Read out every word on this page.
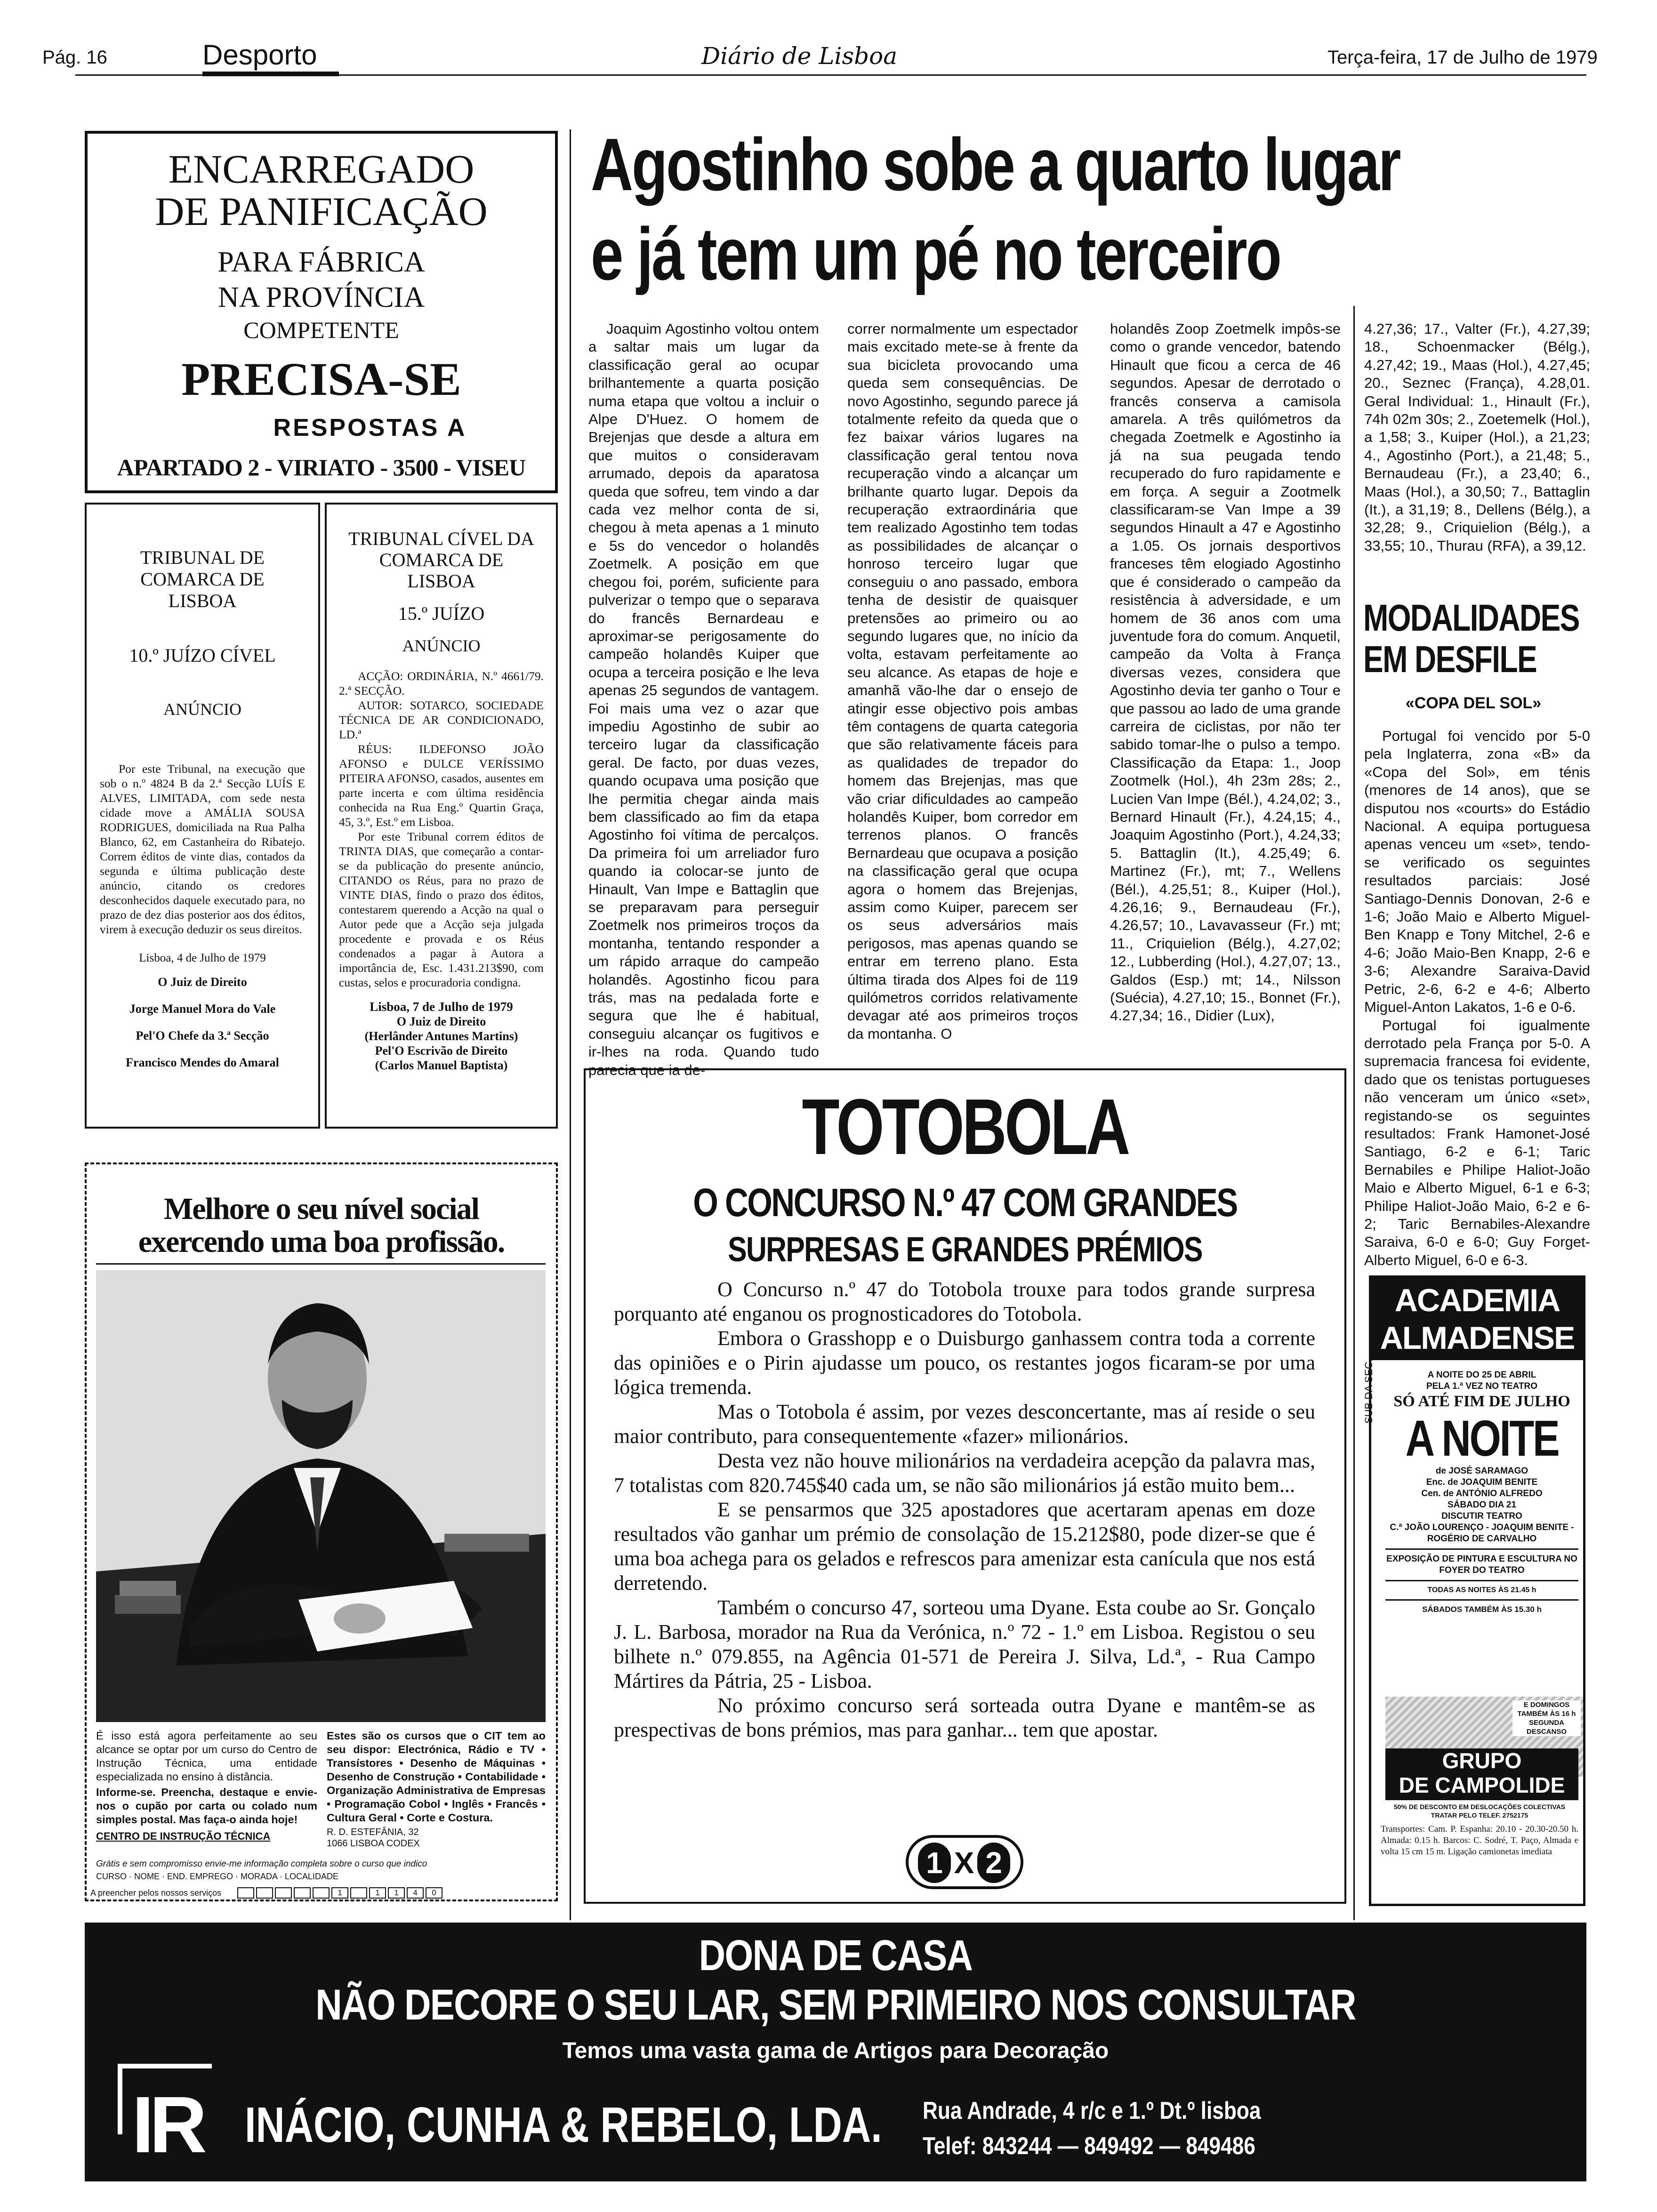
Pág. 16	Desporto	Diário de Lisboa	Terça-feira, 17 de Julho de 1979
ENCARREGADO
DE PANIFICAÇÃO
PARA FÁBRICA
NA PROVÍNCIA
COMPETENTE
PRECISA-SE
RESPOSTAS A
APARTADO 2 - VIRIATO - 3500 - VISEU
TRIBUNAL DE COMARCA DE LISBOA
10.º JUÍZO CÍVEL
ANÚNCIO
Por este Tribunal, na execução que sob o n.º 4824 B da 2.ª Secção LUÍS E ALVES, LIMITADA, com sede nesta cidade move a AMÁLIA SOUSA RODRIGUES, domiciliada na Rua Palha Blanco, 62, em Castanheira do Ribatejo. Correm éditos de vinte dias, contados da segunda e última publicação deste anúncio, citando os credores desconhecidos daquele executado para, no prazo de dez dias posterior aos dos éditos, virem à execução deduzir os seus direitos.
Lisboa, 4 de Julho de 1979
O Juiz de Direito
Jorge Manuel Mora do Vale
Pel'O Chefe da 3.ª Secção
Francisco Mendes do Amaral
TRIBUNAL CÍVEL DA COMARCA DE LISBOA
15.º JUÍZO
ANÚNCIO
ACÇÃO: ORDINÁRIA, N.º 4661/79. 2.ª SECÇÃO.
AUTOR: SOTARCO, SOCIEDADE TÉCNICA DE AR CONDICIONADO, LD.ª
RÉUS: ILDEFONSO JOÃO AFONSO e DULCE VERÍSSIMO PITEIRA AFONSO, casados, ausentes em parte incerta e com última residência conhecida na Rua Eng.º Quartin Graça, 45, 3.º, Est.º em Lisboa.
Por este Tribunal correm éditos de TRINTA DIAS, que começarão a contar-se da publicação do presente anúncio, CITANDO os Réus, para no prazo de VINTE DIAS, findo o prazo dos éditos, contestarem querendo a Acção na qual o Autor pede que a Acção seja julgada procedente e provada e os Réus condenados a pagar à Autora a importância de, Esc. 1.431.213$90, com custas, selos e procuradoria condigna.
Lisboa, 7 de Julho de 1979
O Juiz de Direito
(Herlânder Antunes Martins)
Pel'O Escrivão de Direito
(Carlos Manuel Baptista)
Melhore o seu nível social
exercendo uma boa profissão.
É isso está agora perfeitamente ao seu alcance se optar por um curso do Centro de Instrução Técnica, uma entidade especializada no ensino à distância.
Informe-se. Preencha, destaque e envie-nos o cupão por carta ou colado num simples postal. Mas faça-o ainda hoje!
CENTRO DE INSTRUÇÃO TÉCNICA
Estes são os cursos que o CIT tem ao seu dispor: Electrónica, Rádio e TV • Transístores • Desenho de Máquinas • Desenho de Construção • Contabilidade • Organização Administrativa de Empresas • Programação Cobol • Inglês • Francês • Cultura Geral • Corte e Costura.
R. D. ESTEFÂNIA, 32
1066 LISBOA CODEX
Grátis e sem compromisso envie-me informação completa sobre o curso que indico
A preencher pelos nossos serviços	1	1	1	4	0
CURSO · NOME · END. EMPREGO · MORADA · LOCALIDADE
Agostinho sobe a quarto lugar
e já tem um pé no terceiro
Joaquim Agostinho voltou ontem a saltar mais um lugar da classificação geral ao ocupar brilhantemente a quarta posição numa etapa que voltou a incluir o Alpe D'Huez. O homem de Brejenjas que desde a altura em que muitos o consideravam arrumado, depois da aparatosa queda que sofreu, tem vindo a dar cada vez melhor conta de si, chegou à meta apenas a 1 minuto e 5s do vencedor o holandês Zoetmelk. A posição em que chegou foi, porém, suficiente para pulverizar o tempo que o separava do francês Bernardeau e aproximar-se perigosamente do campeão holandês Kuiper que ocupa a terceira posição e lhe leva apenas 25 segundos de vantagem. Foi mais uma vez o azar que impediu Agostinho de subir ao terceiro lugar da classificação geral. De facto, por duas vezes, quando ocupava uma posição que lhe permitia chegar ainda mais bem classificado ao fim da etapa Agostinho foi vítima de percalços. Da primeira foi um arreliador furo quando ia colocar-se junto de Hinault, Van Impe e Battaglin que se preparavam para perseguir Zoetmelk nos primeiros troços da montanha, tentando responder a um rápido arraque do campeão holandês. Agostinho ficou para trás, mas na pedalada forte e segura que lhe é habitual, conseguiu alcançar os fugitivos e ir-lhes na roda. Quando tudo parecia que ia de-
correr normalmente um espectador mais excitado mete-se à frente da sua bicicleta provocando uma queda sem consequências. De novo Agostinho, segundo parece já totalmente refeito da queda que o fez baixar vários lugares na classificação geral tentou nova recuperação vindo a alcançar um brilhante quarto lugar. Depois da recuperação extraordinária que tem realizado Agostinho tem todas as possibilidades de alcançar o honroso terceiro lugar que conseguiu o ano passado, embora tenha de desistir de quaisquer pretensões ao primeiro ou ao segundo lugares que, no início da volta, estavam perfeitamente ao seu alcance. As etapas de hoje e amanhã vão-lhe dar o ensejo de atingir esse objectivo pois ambas têm contagens de quarta categoria que são relativamente fáceis para as qualidades de trepador do homem das Brejenjas, mas que vão criar dificuldades ao campeão holandês Kuiper, bom corredor em terrenos planos. O francês Bernardeau que ocupava a posição na classificação geral que ocupa agora o homem das Brejenjas, assim como Kuiper, parecem ser os seus adversários mais perigosos, mas apenas quando se entrar em terreno plano. Esta última tirada dos Alpes foi de 119 quilómetros corridos relativamente devagar até aos primeiros troços da montanha. O
holandês Zoop Zoetmelk impôs-se como o grande vencedor, batendo Hinault que ficou a cerca de 46 segundos. Apesar de derrotado o francês conserva a camisola amarela. A três quilómetros da chegada Zoetmelk e Agostinho ia já na sua peugada tendo recuperado do furo rapidamente e em força. A seguir a Zootmelk classificaram-se Van Impe a 39 segundos Hinault a 47 e Agostinho a 1.05. Os jornais desportivos franceses têm elogiado Agostinho que é considerado o campeão da resistência à adversidade, e um homem de 36 anos com uma juventude fora do comum. Anquetil, campeão da Volta à França diversas vezes, considera que Agostinho devia ter ganho o Tour e que passou ao lado de uma grande carreira de ciclistas, por não ter sabido tomar-lhe o pulso a tempo. Classificação da Etapa: 1., Joop Zootmelk (Hol.), 4h 23m 28s; 2., Lucien Van Impe (Bél.), 4.24,02; 3., Bernard Hinault (Fr.), 4.24,15; 4., Joaquim Agostinho (Port.), 4.24,33; 5. Battaglin (It.), 4.25,49; 6. Martinez (Fr.), mt; 7., Wellens (Bél.), 4.25,51; 8., Kuiper (Hol.), 4.26,16; 9., Bernaudeau (Fr.), 4.26,57; 10., Lavavasseur (Fr.) mt; 11., Criquielion (Bélg.), 4.27,02; 12., Lubberding (Hol.), 4.27,07; 13., Galdos (Esp.) mt; 14., Nilsson (Suécia), 4.27,10; 15., Bonnet (Fr.), 4.27,34; 16., Didier (Lux),
4.27,36; 17., Valter (Fr.), 4.27,39; 18., Schoenmacker (Bélg.), 4.27,42; 19., Maas (Hol.), 4.27,45; 20., Seznec (França), 4.28,01. Geral Individual: 1., Hinault (Fr.), 74h 02m 30s; 2., Zoetemelk (Hol.), a 1,58; 3., Kuiper (Hol.), a 21,23; 4., Agostinho (Port.), a 21,48; 5., Bernaudeau (Fr.), a 23,40; 6., Maas (Hol.), a 30,50; 7., Battaglin (It.), a 31,19; 8., Dellens (Bélg.), a 32,28; 9., Criquielion (Bélg.), a 33,55; 10., Thurau (RFA), a 39,12.
MODALIDADES
EM DESFILE
«COPA DEL SOL»
Portugal foi vencido por 5-0 pela Inglaterra, zona «B» da «Copa del Sol», em ténis (menores de 14 anos), que se disputou nos «courts» do Estádio Nacional. A equipa portuguesa apenas venceu um «set», tendo-se verificado os seguintes resultados parciais: José Santiago-Dennis Donovan, 2-6 e 1-6; João Maio e Alberto Miguel-Ben Knapp e Tony Mitchel, 2-6 e 4-6; João Maio-Ben Knapp, 2-6 e 3-6; Alexandre Saraiva-David Petric, 2-6, 6-2 e 4-6; Alberto Miguel-Anton Lakatos, 1-6 e 0-6.
Portugal foi igualmente derrotado pela França por 5-0. A supremacia francesa foi evidente, dado que os tenistas portugueses não venceram um único «set», registando-se os seguintes resultados: Frank Hamonet-José Santiago, 6-2 e 6-1; Taric Bernabiles e Philipe Haliot-João Maio e Alberto Miguel, 6-1 e 6-3; Philipe Haliot-João Maio, 6-2 e 6-2; Taric Bernabiles-Alexandre Saraiva, 6-0 e 6-0; Guy Forget-Alberto Miguel, 6-0 e 6-3.
TOTOBOLA
O CONCURSO N.º 47 COM GRANDES
SURPRESAS E GRANDES PRÉMIOS

O Concurso n.º 47 do Totobola trouxe para todos grande surpresa porquanto até enganou os prognosticadores do Totobola.

Embora o Grasshopp e o Duisburgo ganhassem contra toda a corrente das opiniões e o Pirin ajudasse um pouco, os restantes jogos ficaram-se por uma lógica tremenda.

Mas o Totobola é assim, por vezes desconcertante, mas aí reside o seu maior contributo, para consequentemente «fazer» milionários.

Desta vez não houve milionários na verdadeira acepção da palavra mas, 7 totalistas com 820.745$40 cada um, se não são milionários já estão muito bem...

E se pensarmos que 325 apostadores que acertaram apenas em doze resultados vão ganhar um prémio de consolação de 15.212$80, pode dizer-se que é uma boa achega para os gelados e refrescos para amenizar esta canícula que nos está derretendo.

Também o concurso 47, sorteou uma Dyane. Esta coube ao Sr. Gonçalo J. L. Barbosa, morador na Rua da Verónica, n.º 72 - 1.º em Lisboa. Registou o seu bilhete n.º 079.855, na Agência 01-571 de Pereira J. Silva, Ld.ª, - Rua Campo Mártires da Pátria, 25 - Lisboa.

No próximo concurso será sorteada outra Dyane e mantêm-se as prespectivas de bons prémios, mas para ganhar... tem que apostar.

1 X 2
ACADEMIA
ALMADENSE
SUB DA SEC.	A NOITE DO 25 DE ABRIL
PELA 1.ª VEZ NO TEATRO
SÓ ATÉ FIM DE JULHO
A NOITE
de JOSÉ SARAMAGO
Enc. de JOAQUIM BENITE
Cen. de ANTÓNIO ALFREDO
SÁBADO DIA 21
DISCUTIR TEATRO
C.ª JOÃO LOURENÇO - JOAQUIM BENITE - ROGÉRIO DE CARVALHO
EXPOSIÇÃO DE PINTURA E ESCULTURA NO FOYER DO TEATRO
TODAS AS NOITES ÀS 21.45 h
SÁBADOS TAMBÉM ÀS 15.30 h
E DOMINGOS
TAMBÉM ÀS 16 h
SEGUNDA
DESCANSO
GRUPO
DE CAMPOLIDE
50% DE DESCONTO EM DESLOCAÇÕES COLECTIVAS
TRATAR PELO TELEF. 2752175
Transportes: Cam. P. Espanha: 20.10 - 20.30-20.50 h. Almada: 0.15 h. Barcos: C. Sodré, T. Paço, Almada e volta 15 cm 15 m. Ligação camionetas imediata
DONA DE CASA
NÃO DECORE O SEU LAR, SEM PRIMEIRO NOS CONSULTAR
Temos uma vasta gama de Artigos para Decoração
IR INÁCIO, CUNHA & REBELO, LDA. Rua Andrade, 4 r/c e 1.º Dt.º lisboa
Telef: 843244 — 849492 — 849486
